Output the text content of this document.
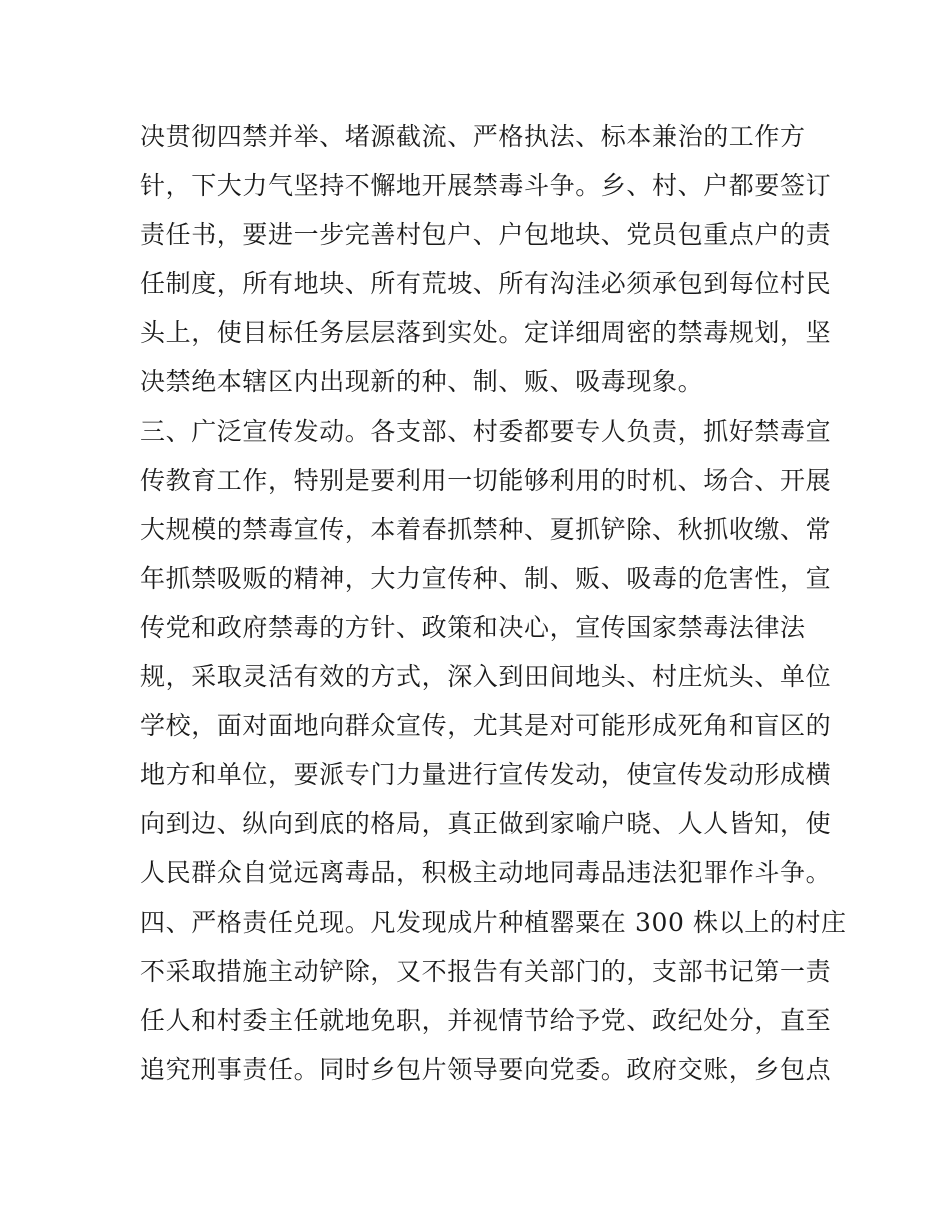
决贯彻四禁并举、堵源截流、严格执法、标本兼治的工作方
针，下大力气坚持不懈地开展禁毒斗争。乡、村、户都要签订
责任书，要进一步完善村包户、户包地块、党员包重点户的责
任制度，所有地块、所有荒坡、所有沟洼必须承包到每位村民
头上，使目标任务层层落到实处。定详细周密的禁毒规划，坚
决禁绝本辖区内出现新的种、制、贩、吸毒现象。
三、广泛宣传发动。各支部、村委都要专人负责，抓好禁毒宣
传教育工作，特别是要利用一切能够利用的时机、场合、开展
大规模的禁毒宣传，本着春抓禁种、夏抓铲除、秋抓收缴、常
年抓禁吸贩的精神，大力宣传种、制、贩、吸毒的危害性，宣
传党和政府禁毒的方针、政策和决心，宣传国家禁毒法律法
规，采取灵活有效的方式，深入到田间地头、村庄炕头、单位
学校，面对面地向群众宣传，尤其是对可能形成死角和盲区的
地方和单位，要派专门力量进行宣传发动，使宣传发动形成横
向到边、纵向到底的格局，真正做到家喻户晓、人人皆知，使
人民群众自觉远离毒品，积极主动地同毒品违法犯罪作斗争。
四、严格责任兑现。凡发现成片种植罂粟在 300 株以上的村庄
不采取措施主动铲除，又不报告有关部门的，支部书记第一责
任人和村委主任就地免职，并视情节给予党、政纪处分，直至
追究刑事责任。同时乡包片领导要向党委。政府交账，乡包点
